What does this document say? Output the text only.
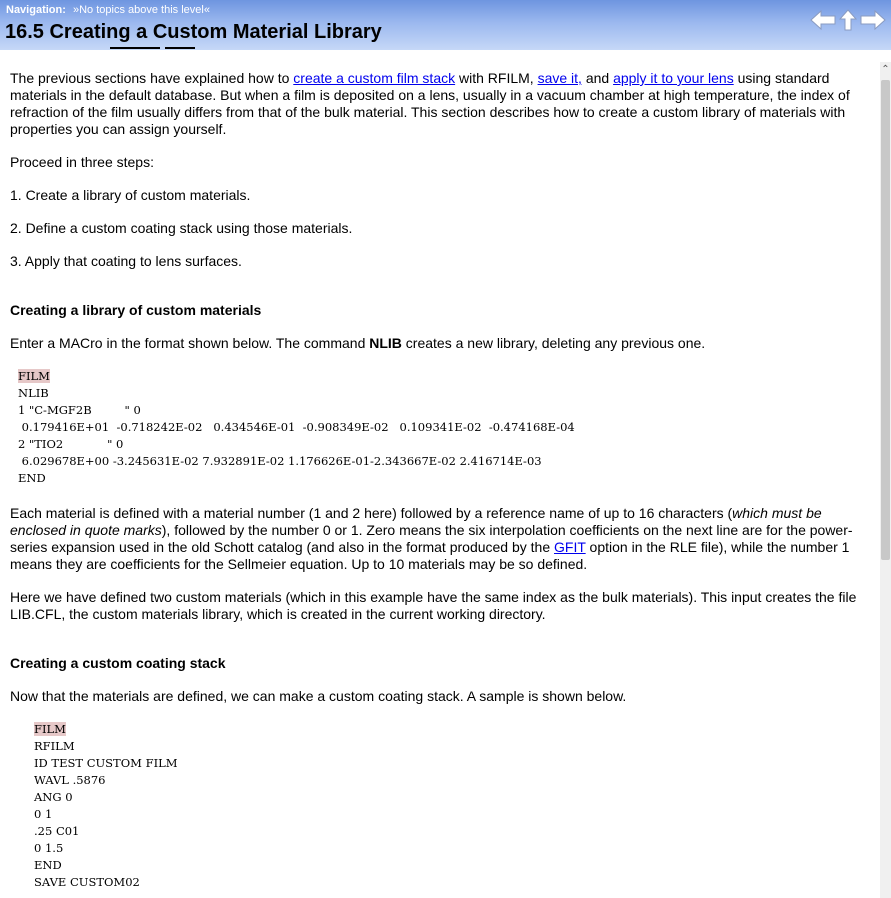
Navigation: »No topics above this level«
16.5 Creating a Custom Material Library

The previous sections have explained how to create a custom film stack with RFILM, save it, and apply it to your lens using standard materials in the default database. But when a film is deposited on a lens, usually in a vacuum chamber at high temperature, the index of refraction of the film usually differs from that of the bulk material. This section describes how to create a custom library of materials with properties you can assign yourself.

Proceed in three steps:

1. Create a library of custom materials.

2. Define a custom coating stack using those materials.

3. Apply that coating to lens surfaces.

Creating a library of custom materials

Enter a MACro in the format shown below. The command NLIB creates a new library, deleting any previous one.

FILM
NLIB
1 "C-MGF2B         " 0
0.179416E+01  -0.718242E-02   0.434546E-01  -0.908349E-02   0.109341E-02  -0.474168E-04
2 "TIO2            " 0
6.029678E+00 -3.245631E-02 7.932891E-02 1.176626E-01-2.343667E-02 2.416714E-03
END

Each material is defined with a material number (1 and 2 here) followed by a reference name of up to 16 characters (which must be enclosed in quote marks), followed by the number 0 or 1. Zero means the six interpolation coefficients on the next line are for the power-series expansion used in the old Schott catalog (and also in the format produced by the GFIT option in the RLE file), while the number 1 means they are coefficients for the Sellmeier equation. Up to 10 materials may be so defined.

Here we have defined two custom materials (which in this example have the same index as the bulk materials). This input creates the file LIB.CFL, the custom materials library, which is created in the current working directory.

Creating a custom coating stack

Now that the materials are defined, we can make a custom coating stack. A sample is shown below.

FILM
RFILM
ID TEST CUSTOM FILM
WAVL .5876
ANG 0
0 1
.25 C01
0 1.5
END
SAVE CUSTOM02
⌃
